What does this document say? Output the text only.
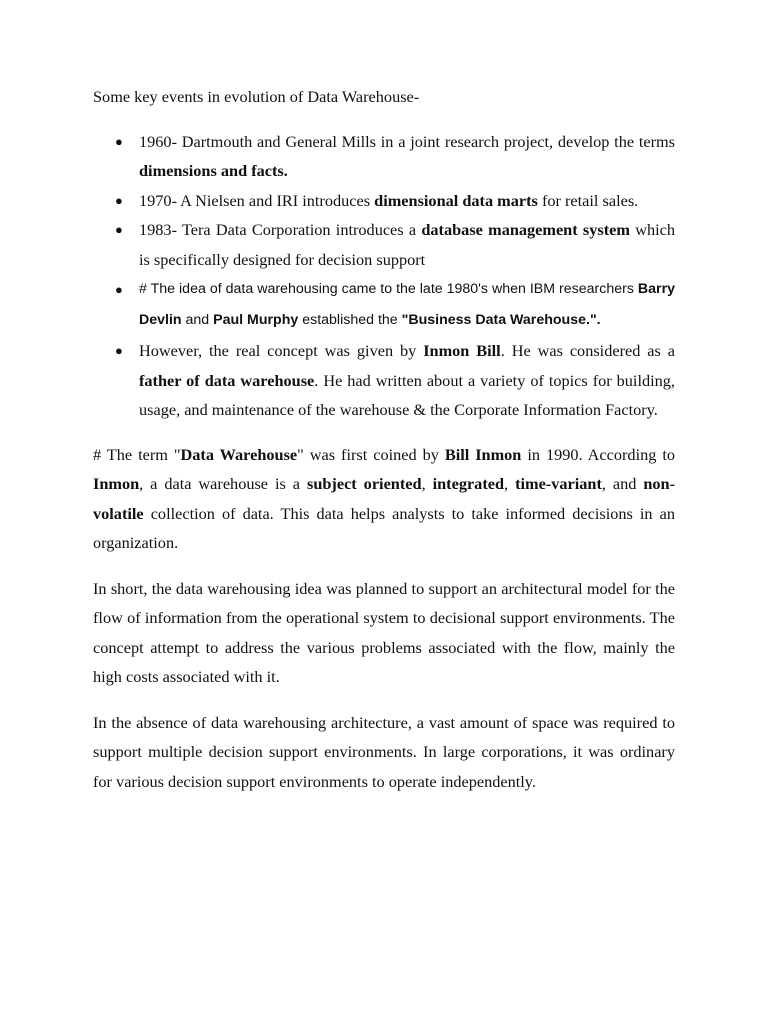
Some key events in evolution of Data Warehouse-

● 1960- Dartmouth and General Mills in a joint research project, develop the terms dimensions and facts.
● 1970- A Nielsen and IRI introduces dimensional data marts for retail sales.
● 1983- Tera Data Corporation introduces a database management system which is specifically designed for decision support
● # The idea of data warehousing came to the late 1980's when IBM researchers Barry Devlin and Paul Murphy established the "Business Data Warehouse.".
● However, the real concept was given by Inmon Bill. He was considered as a father of data warehouse. He had written about a variety of topics for building, usage, and maintenance of the warehouse & the Corporate Information Factory.

# The term "Data Warehouse" was first coined by Bill Inmon in 1990. According to Inmon, a data warehouse is a subject oriented, integrated, time-variant, and non-volatile collection of data. This data helps analysts to take informed decisions in an organization.

In short, the data warehousing idea was planned to support an architectural model for the flow of information from the operational system to decisional support environments. The concept attempt to address the various problems associated with the flow, mainly the high costs associated with it.

In the absence of data warehousing architecture, a vast amount of space was required to support multiple decision support environments. In large corporations, it was ordinary for various decision support environments to operate independently.
